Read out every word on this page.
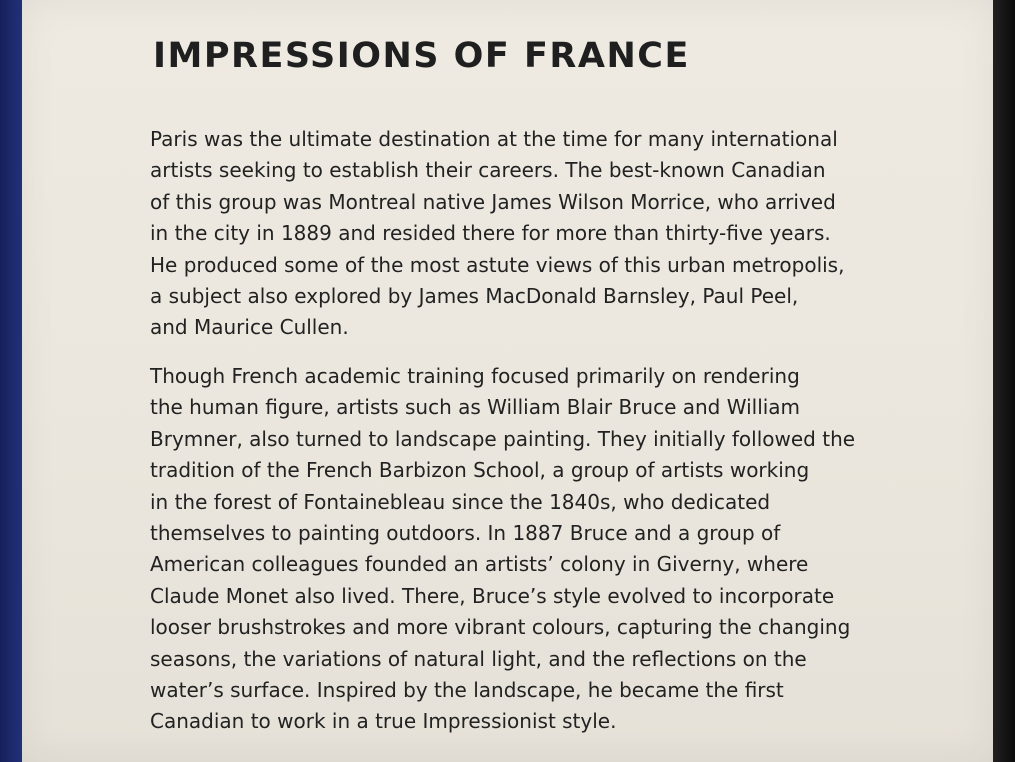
IMPRESSIONS OF FRANCE

Paris was the ultimate destination at the time for many international
artists seeking to establish their careers. The best-known Canadian
of this group was Montreal native James Wilson Morrice, who arrived
in the city in 1889 and resided there for more than thirty-five years.
He produced some of the most astute views of this urban metropolis,
a subject also explored by James MacDonald Barnsley, Paul Peel,
and Maurice Cullen.

Though French academic training focused primarily on rendering
the human figure, artists such as William Blair Bruce and William
Brymner, also turned to landscape painting. They initially followed the
tradition of the French Barbizon School, a group of artists working
in the forest of Fontainebleau since the 1840s, who dedicated
themselves to painting outdoors. In 1887 Bruce and a group of
American colleagues founded an artists’ colony in Giverny, where
Claude Monet also lived. There, Bruce’s style evolved to incorporate
looser brushstrokes and more vibrant colours, capturing the changing
seasons, the variations of natural light, and the reflections on the
water’s surface. Inspired by the landscape, he became the first
Canadian to work in a true Impressionist style.
